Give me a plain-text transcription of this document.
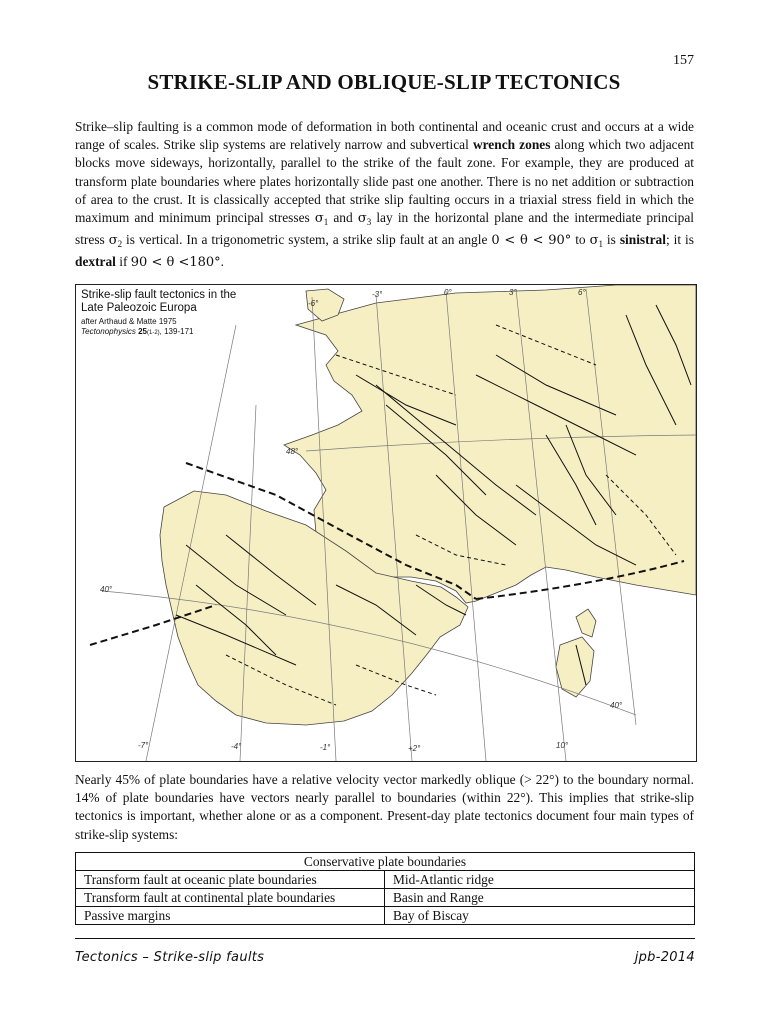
157
STRIKE-SLIP AND OBLIQUE-SLIP TECTONICS
Strike–slip faulting is a common mode of deformation in both continental and oceanic crust and occurs at a wide range of scales. Strike slip systems are relatively narrow and subvertical wrench zones along which two adjacent blocks move sideways, horizontally, parallel to the strike of the fault zone. For example, they are produced at transform plate boundaries where plates horizontally slide past one another. There is no net addition or subtraction of area to the crust. It is classically accepted that strike slip faulting occurs in a triaxial stress field in which the maximum and minimum principal stresses $\sigma_1$ and $\sigma_3$ lay in the horizontal plane and the intermediate principal stress $\sigma_2$ is vertical. In a trigonometric system, a strike slip fault at an angle 0 < θ < 90° to $\sigma_1$ is sinistral; it is dextral if 90 < θ <180°.
Strike-slip fault tectonics in the
Late Paleozoic Europa
after Arthaud & Matte 1975
Tectonophysics 25(1-2), 139-171
-6°
-3°	0°	3°	6°
48°
40°
40°
-7°	-4°	-1°	+2°	10°
Nearly 45% of plate boundaries have a relative velocity vector markedly oblique (> 22°) to the boundary normal. 14% of plate boundaries have vectors nearly parallel to boundaries (within 22°). This implies that strike-slip tectonics is important, whether alone or as a component. Present-day plate tectonics document four main types of strike-slip systems:
Conservative plate boundaries	
Transform fault at oceanic plate boundaries	Mid-Atlantic ridge
Transform fault at continental plate boundaries	Basin and Range
Passive margins	Bay of Biscay
Tectonics – Strike-slip faults	jpb-2014
